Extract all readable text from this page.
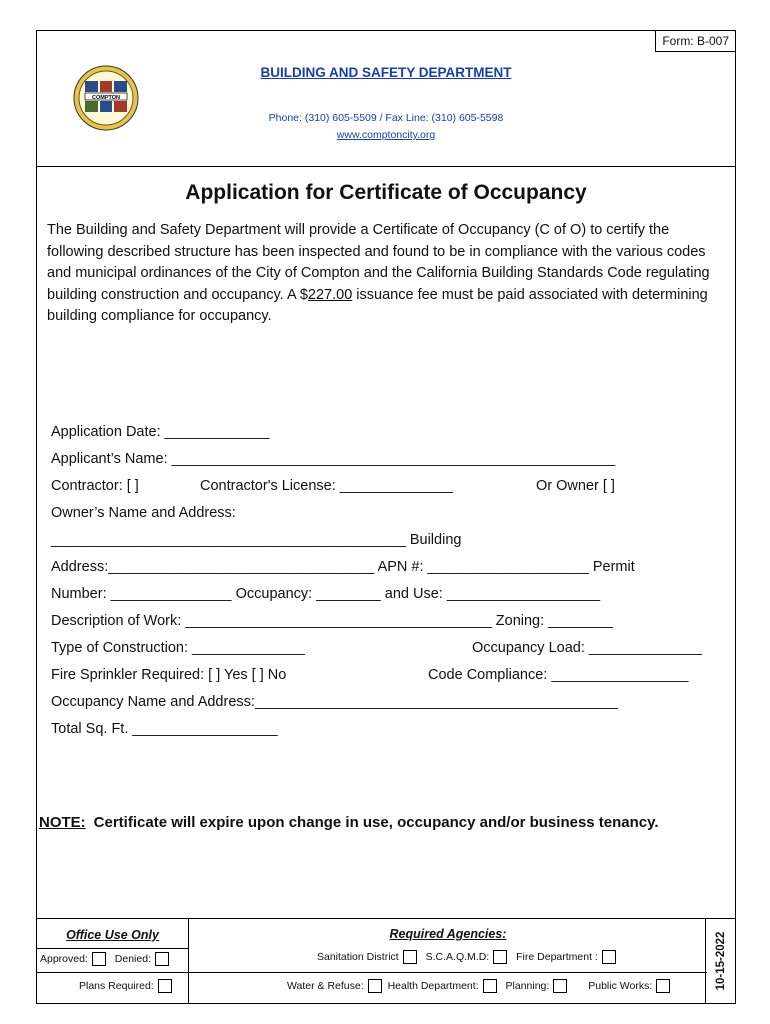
Form: B-007
COMPTON
BUILDING AND SAFETY DEPARTMENT
Phone: (310) 605-5509 / Fax Line: (310) 605-5598
www.comptoncity.org
Application for Certificate of Occupancy
The Building and Safety Department will provide a Certificate of Occupancy (C of O) to certify the following described structure has been inspected and found to be in compliance with the various codes and municipal ordinances of the City of Compton and the California Building Standards Code regulating building construction and occupancy. A $227.00 issuance fee must be paid associated with determining building compliance for occupancy.
Application Date: _____________
Applicant’s Name: _______________________________________________________
Contractor: [ ]	Contractor's License: ______________	Or Owner [ ]
Owner’s Name and Address:
____________________________________________ Building
Address:_________________________________ APN #: ____________________ Permit
Number: _______________ Occupancy: ________ and Use: ___________________
Description of Work: ______________________________________ Zoning: ________
Type of Construction: ______________	Occupancy Load: ______________
Fire Sprinkler Required: [ ] Yes [ ] No	Code Compliance: _________________
Occupancy Name and Address:_____________________________________________
Total Sq. Ft. __________________
NOTE: Certificate will expire upon change in use, occupancy and/or business tenancy.
Office Use Only
Approved:	Denied:
Plans Required:
Required Agencies:
Sanitation District	S.C.A.Q.M.D:	Fire Department :
Water & Refuse: Health Department:	Planning:	Public Works:	10-15-2022
